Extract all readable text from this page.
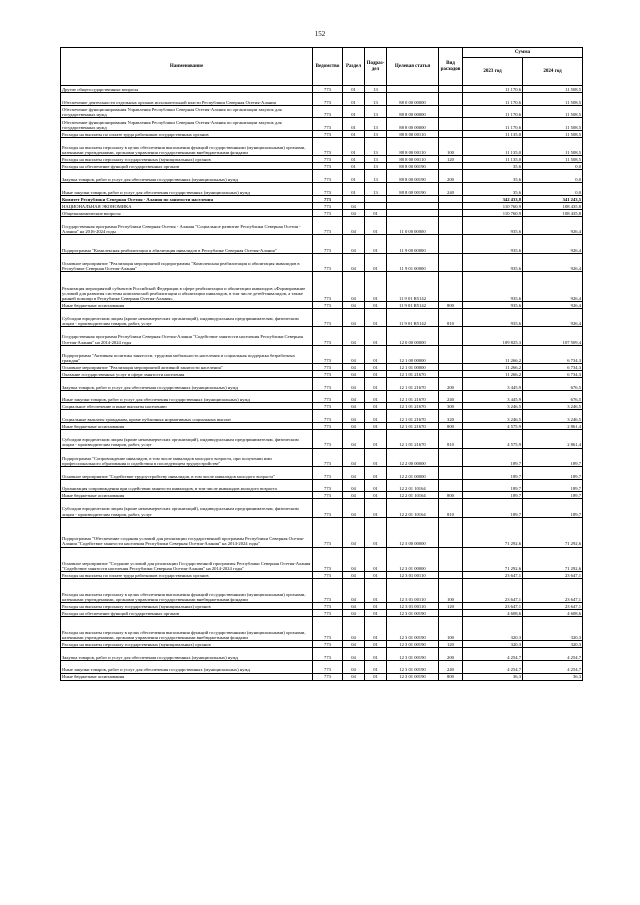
152
Наименование	Ведомство	Раздел	Подраз-дел	Целевая статья	Вид расходов	Сумма	
						2023 год	2024 год
Другие общегосударственные вопросы	773	01	13			11 170,6	11 508,5
Обеспечение деятельности отдельных органов исполнительной власти Республики Северная Осетия-Алания	773	01	13	88 0 00 00000		11 170,6	11 508,5
Обеспечение функционирования Управления Республики Северная Осетия-Алания по организации закупок для государственных нужд	773	01	13	88 8 00 00000		11 170,6	11 508,5
Обеспечение функционирования Управления Республики Северная Осетия-Алания по организации закупок для государственных нужд	773	01	13	88 8 00 00000		11 170,6	11 508,5
Расходы на выплаты по оплате труда работников государственных органов	773	01	13	88 8 00 00110		11 135,0	11 508,5
Расходы на выплаты персоналу в целях обеспечения выполнения функций государственными (муниципальными) органами, казенными учреждениями, органами управления государственными внебюджетными фондами	773	01	13	88 8 00 00110	100	11 135,0	11 508,5
Расходы на выплаты персоналу государственных (муниципальных) органов	773	01	13	88 8 00 00110	120	11 135,0	11 508,5
Расходы на обеспечение функций государственных органов	773	01	13	88 8 00 00190		35,6	0,0
Закупка товаров, работ и услуг для обеспечения государственных (муниципальных) нужд	773	01	13	88 8 00 00190	200	35,6	0,0
Иные закупки товаров, работ и услуг для обеспечения государственных (муниципальных) нужд	773	01	13	88 8 00 00190	240	35,6	0,0
Комитет Республики Северная Осетия - Алания по занятости населения	773					342 433,8	341 243,5
НАЦИОНАЛЬНАЯ ЭКОНОМИКА	773	04				110 760,9	108 435,8
Общеэкономические вопросы	773	04	01			110 760,9	108 435,8
Государственная программа Республики Северная Осетия - Алания "Социальное развитие Республики Северная Осетия - Алания" на 2016-2024 годы	773	04	01	11 0 00 00000		935,6	926,4
Подпрограмма "Комплексная реабилитация и абилитация инвалидов в Республике Северная Осетия-Алания"	773	04	01	11 9 00 00000		935,6	926,4
Основное мероприятие "Реализация мероприятий подпрограммы "Комплексная реабилитация и абилитация инвалидов в Республике Северная Осетия-Алания"	773	04	01	11 9 01 00000		935,6	926,4
Реализация мероприятий субъектов Российской Федерации в сфере реабилитации и абилитации инвалидов «Формирование условий для развития системы комплексной реабилитации и абилитации инвалидов, в том числе детей-инвалидов, а также ранней помощи в Республике Северная Осетия-Алания»	773	04	01	11 9 01 R5142		935,6	926,4
Иные бюджетные ассигнования	773	04	01	11 9 01 R5142	800	935,6	926,4
Субсидии юридическим лицам (кроме некоммерческих организаций), индивидуальным предпринимателям, физическим лицам - производителям товаров, работ, услуг	773	04	01	11 9 01 R5142	810	935,6	926,4
Государственная программа Республики Северная Осетия-Алания "Содействие занятости населения Республики Северная Осетия-Алания" на 2014-2024 годы	773	04	01	12 0 00 00000		109 825,3	107 509,4
Подпрограмма "Активная политика занятости, трудовая мобильность населения и социальная поддержка безработных граждан"	773	04	01	12 1 00 00000		11 266,2	6 734,3
Основное мероприятие "Реализация мероприятий активной занятости населения"	773	04	01	12 1 01 00000		11 266,2	6 734,3
Оказание государственных услуг в сфере занятости населения	773	04	01	12 1 01 21670		11 266,2	6 734,3
Закупка товаров, работ и услуг для обеспечения государственных (муниципальных) нужд	773	04	01	12 1 01 21670	200	3 445,9	676,5
Иные закупки товаров, работ и услуг для обеспечения государственных (муниципальных) нужд	773	04	01	12 1 01 21670	240	3 445,9	676,5
Социальное обеспечение и иные выплаты населению	773	04	01	12 1 01 21670	300	3 246,5	3 246,5
Социальные выплаты гражданам, кроме публичных нормативных социальных выплат	773	04	01	12 1 01 21670	320	3 246,5	3 246,5
Иные бюджетные ассигнования	773	04	01	12 1 01 21670	800	4 575,9	2 861,4
Субсидии юридическим лицам (кроме некоммерческих организаций), индивидуальным предпринимателям, физическим лицам - производителям товаров, работ, услуг	773	04	01	12 1 01 21670	810	4 575,9	2 861,4
Подпрограмма "Сопровождение инвалидов, в том числе инвалидов молодого возраста, при получении ими профессионального образования и содействия в последующем трудоустройстве"	773	04	01	12 2 00 00000		189,7	189,7
Основное мероприятие "Содействие трудоустройству инвалидов, в том числе инвалидов молодого возраста"	773	04	01	12 2 01 00000		189,7	189,7
Организация сопровождения при содействии занятости инвалидов, в том числе инвалидов молодого возраста	773	04	01	12 2 01 10164		189,7	189,7
Иные бюджетные ассигнования	773	04	01	12 2 01 10164	800	189,7	189,7
Субсидии юридическим лицам (кроме некоммерческих организаций), индивидуальным предпринимателям, физическим лицам - производителям товаров, работ, услуг	773	04	01	12 2 01 10164	810	189,7	189,7
Подпрограмма "Обеспечение создания условий для реализации государственной программы Республики Северная Осетия-Алания "Содействие занятости населения Республики Северная Осетия-Алания" на 2014-2024 годы"	773	04	01	12 3 00 00000		71 292,6	71 292,6
Основное мероприятие "Создание условий для реализации Государственной программы Республики Северная Осетия-Алания "Содействие занятости населения Республики Северная Осетия-Алания" на 2014-2024 годы"	773	04	01	12 3 01 00000		71 292,6	71 292,6
Расходы на выплаты по оплате труда работников государственных органов	773	04	01	12 3 01 00110		23 647,1	23 647,1
Расходы на выплаты персоналу в целях обеспечения выполнения функций государственными (муниципальными) органами, казенными учреждениями, органами управления государственными внебюджетными фондами	773	04	01	12 3 01 00110	100	23 647,1	23 647,1
Расходы на выплаты персоналу государственных (муниципальных) органов	773	04	01	12 3 01 00110	120	23 647,1	23 647,1
Расходы на обеспечение функций государственных органов	773	04	01	12 3 01 00190		4 608,6	4 608,6
Расходы на выплаты персоналу в целях обеспечения выполнения функций государственными (муниципальными) органами, казенными учреждениями, органами управления государственными внебюджетными фондами	773	04	01	12 3 01 00190	100	320,3	320,3
Расходы на выплаты персоналу государственных (муниципальных) органов	773	04	01	12 3 01 00190	120	320,3	320,3
Закупка товаров, работ и услуг для обеспечения государственных (муниципальных) нужд	773	04	01	12 3 01 00190	200	4 254,7	4 254,7
Иные закупки товаров, работ и услуг для обеспечения государственных (муниципальных) нужд	773	04	01	12 3 01 00190	240	4 254,7	4 254,7
Иные бюджетные ассигнования	773	04	01	12 3 01 00190	800	36,3	36,3
